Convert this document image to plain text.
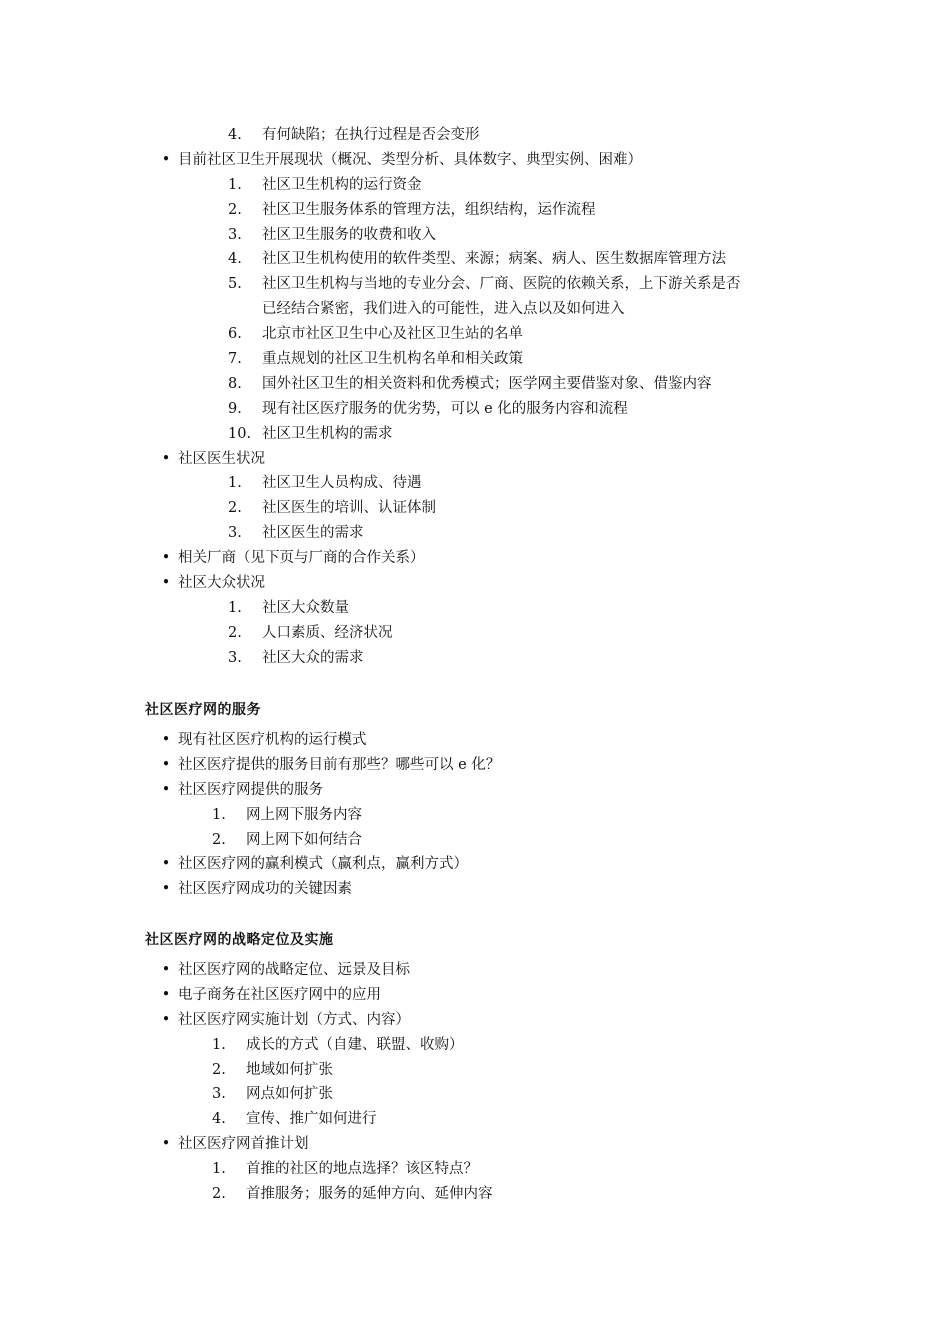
4.	有何缺陷；在执行过程是否会变形
• 目前社区卫生开展现状（概况、类型分析、具体数字、典型实例、困难）
1.	社区卫生机构的运行资金
2.	社区卫生服务体系的管理方法，组织结构，运作流程
3.	社区卫生服务的收费和收入
4.	社区卫生机构使用的软件类型、来源；病案、病人、医生数据库管理方法
5.	社区卫生机构与当地的专业分会、厂商、医院的依赖关系，上下游关系是否
已经结合紧密，我们进入的可能性，进入点以及如何进入
6.	北京市社区卫生中心及社区卫生站的名单
7.	重点规划的社区卫生机构名单和相关政策
8.	国外社区卫生的相关资料和优秀模式；医学网主要借鉴对象、借鉴内容
9.	现有社区医疗服务的优劣势，可以 e 化的服务内容和流程
10. 社区卫生机构的需求
• 社区医生状况
1.	社区卫生人员构成、待遇
2.	社区医生的培训、认证体制
3.	社区医生的需求
• 相关厂商（见下页与厂商的合作关系）
• 社区大众状况
1.	社区大众数量
2.	人口素质、经济状况
3.	社区大众的需求
社区医疗网的服务
• 现有社区医疗机构的运行模式
• 社区医疗提供的服务目前有那些？哪些可以 e 化？
• 社区医疗网提供的服务
1.	网上网下服务内容
2.	网上网下如何结合
• 社区医疗网的赢利模式（赢利点，赢利方式）
• 社区医疗网成功的关键因素
社区医疗网的战略定位及实施
• 社区医疗网的战略定位、远景及目标
• 电子商务在社区医疗网中的应用
• 社区医疗网实施计划（方式、内容）
1.	成长的方式（自建、联盟、收购）
2.	地域如何扩张
3.	网点如何扩张
4.	宣传、推广如何进行
• 社区医疗网首推计划
1.	首推的社区的地点选择？该区特点？
2.	首推服务；服务的延伸方向、延伸内容
